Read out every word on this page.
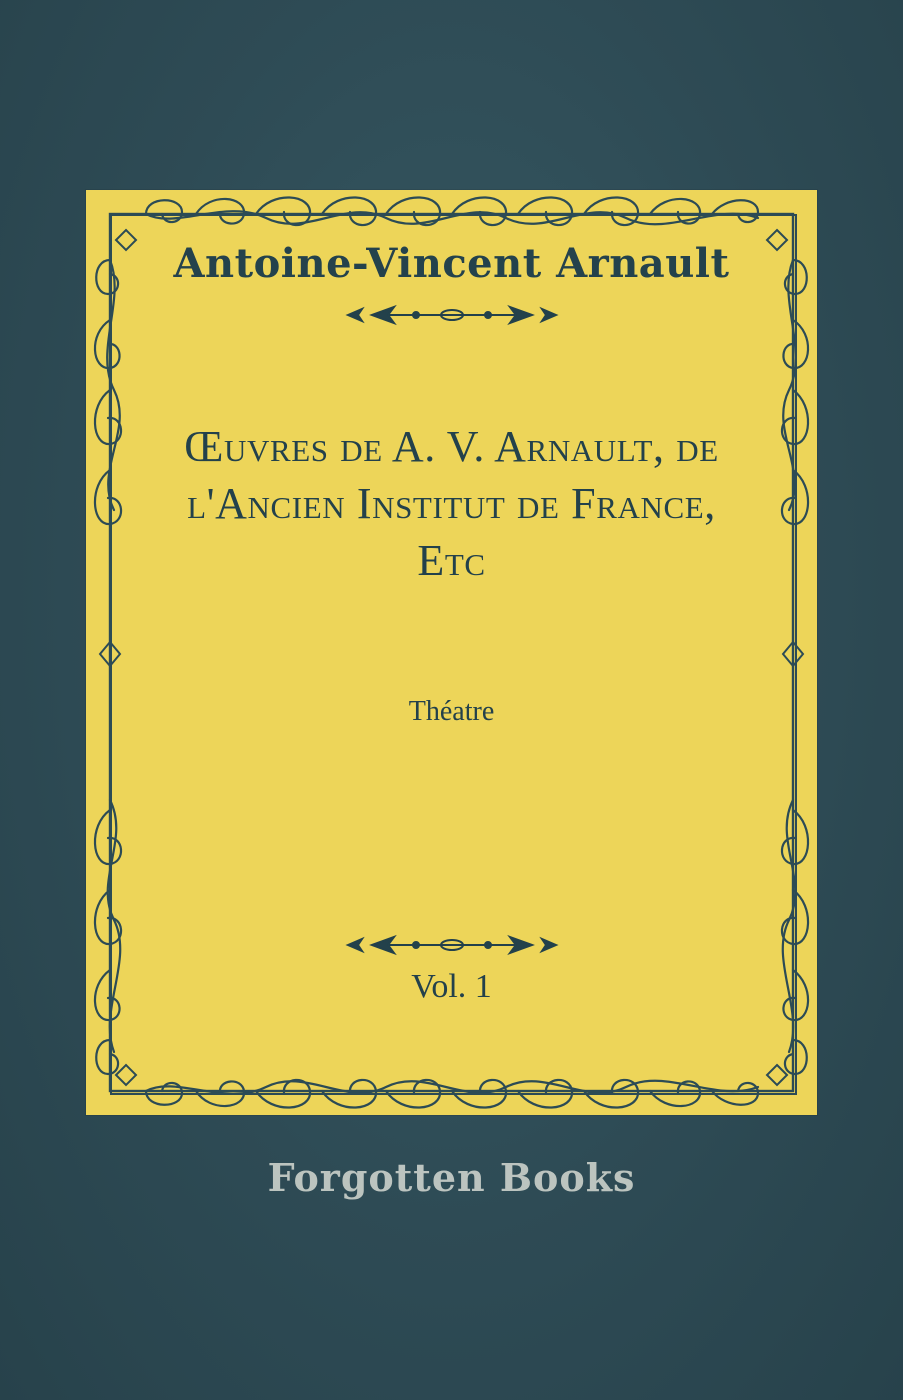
Antoine-Vincent Arnault
Œuvres de A. V. Arnault, de l'Ancien Institut de France, Etc
Théatre
Vol. 1
Forgotten Books
